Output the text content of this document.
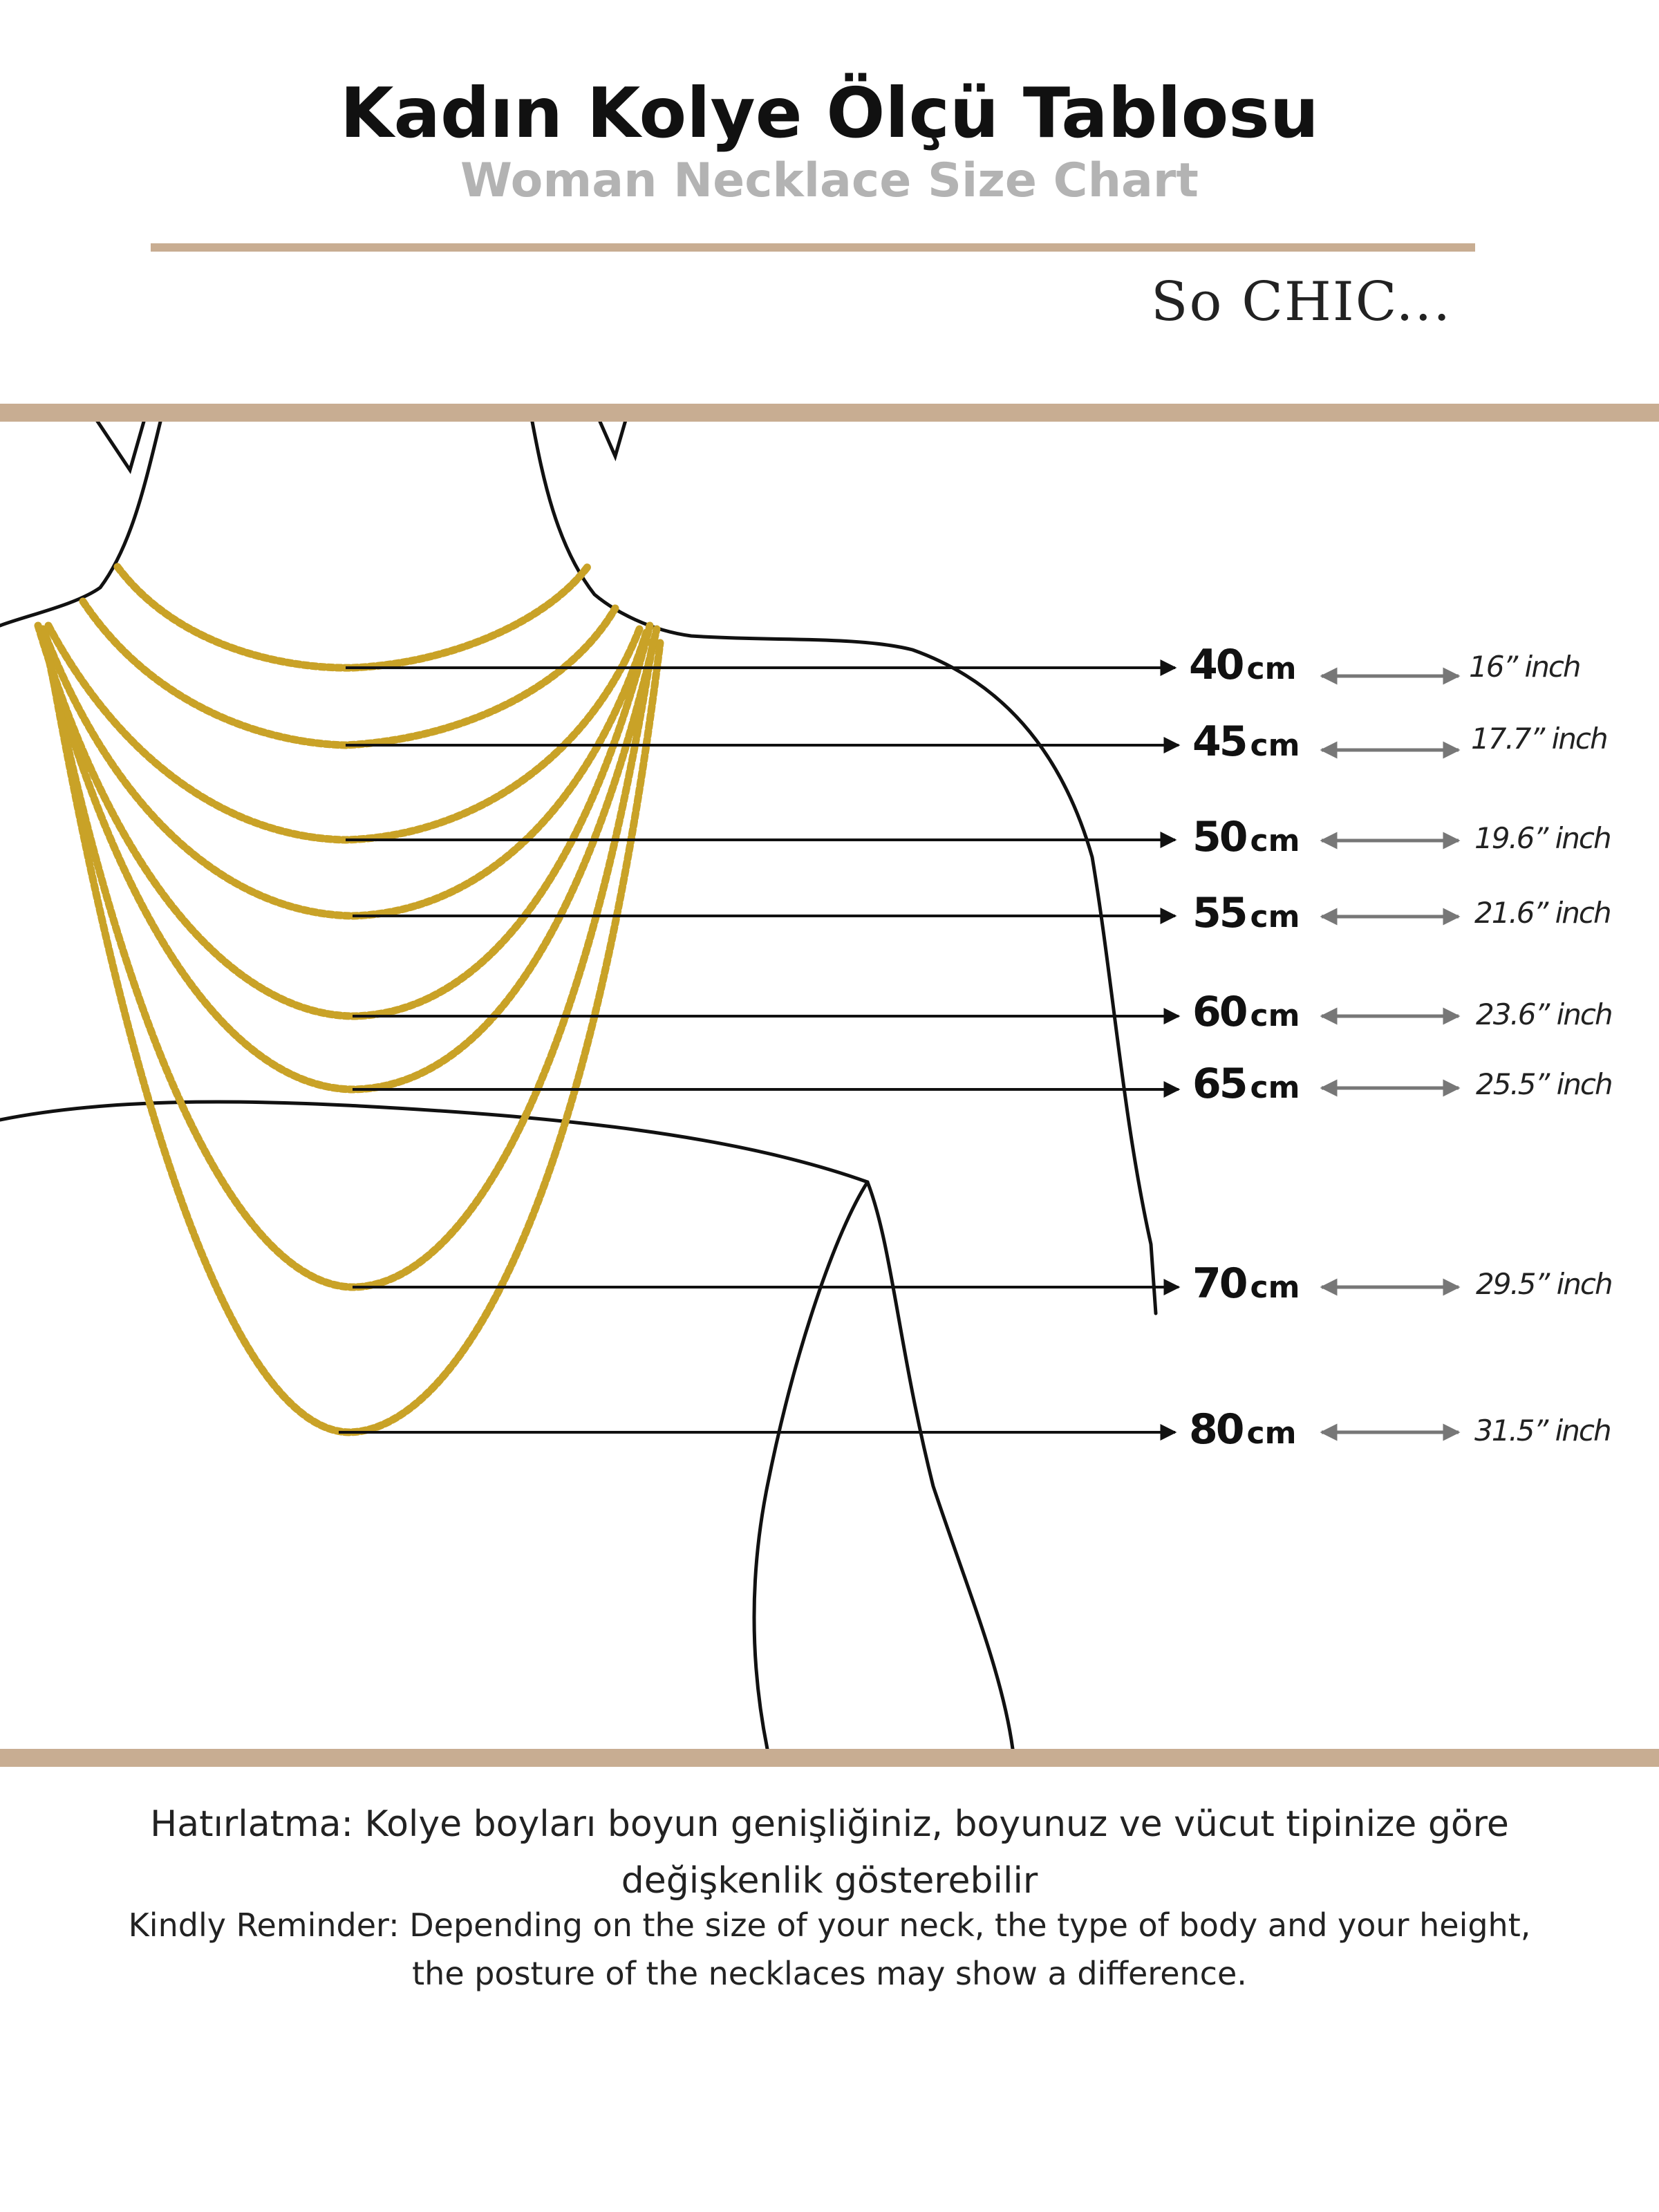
Kadın Kolye Ölçü Tablosu
Woman Necklace Size Chart
So CHIC...
40 cm
45 cm
50 cm
55 cm
60 cm
65 cm
70 cm
80 cm
16” inch
17.7” inch
19.6” inch
21.6” inch
23.6” inch
25.5” inch
29.5” inch
31.5” inch

Hatırlatma: Kolye boyları boyun genişliğiniz, boyunuz ve vücut tipinize göre

değişkenlik gösterebilir

Kindly Reminder: Depending on the size of your neck, the type of body and your height,

the posture of the necklaces may show a difference.
